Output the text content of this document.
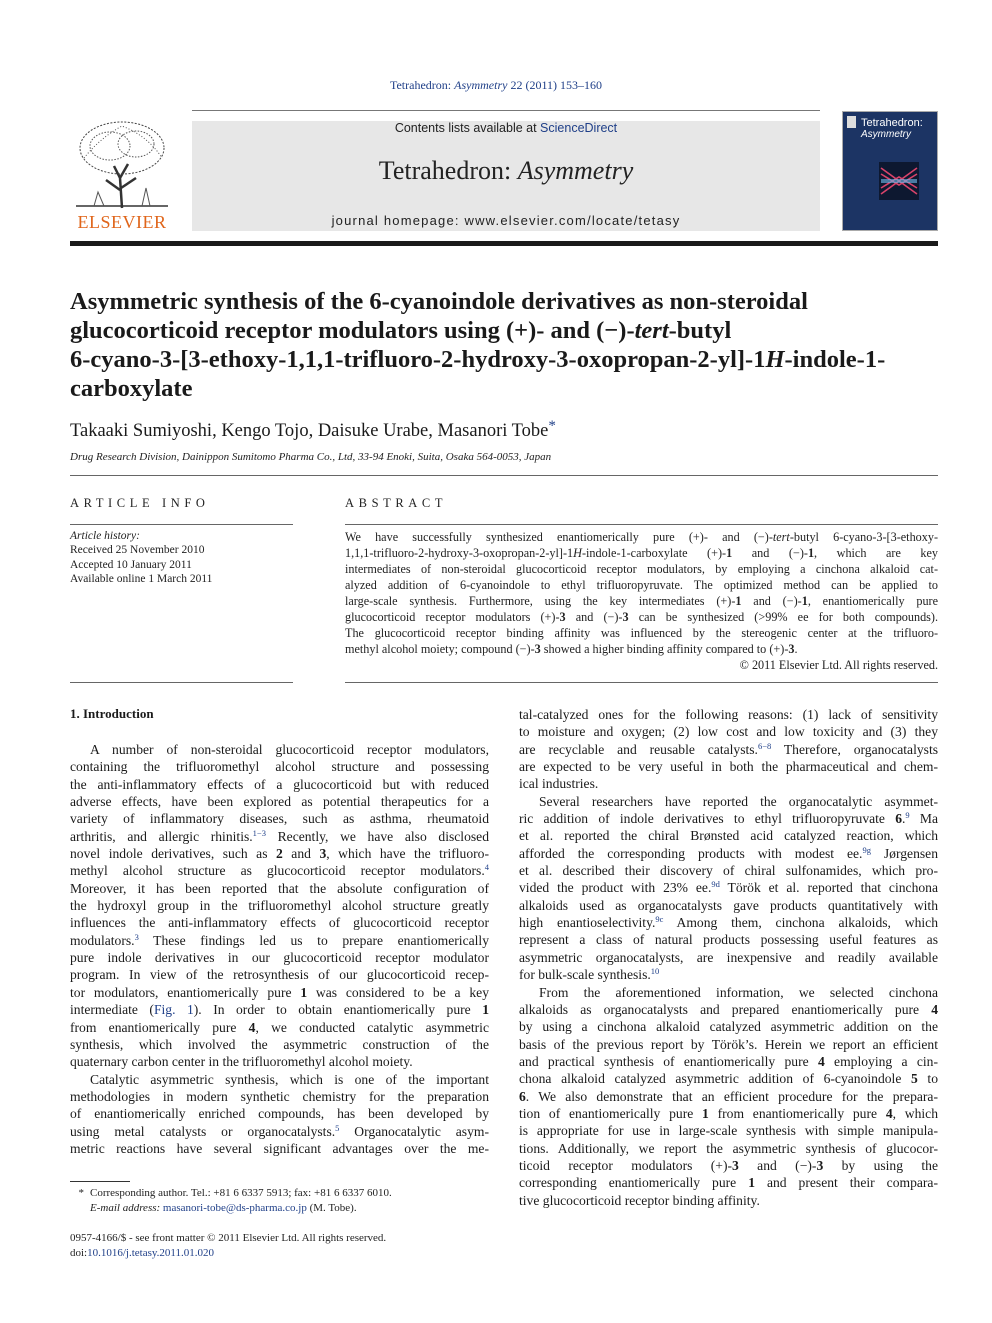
Tetrahedron: Asymmetry 22 (2011) 153–160
ELSEVIER
Contents lists available at ScienceDirect
Tetrahedron: Asymmetry
journal homepage: www.elsevier.com/locate/tetasy
Tetrahedron:
Asymmetry
Asymmetric synthesis of the 6-cyanoindole derivatives as non-steroidal
glucocorticoid receptor modulators using (+)- and (−)-tert-butyl
6-cyano-3-[3-ethoxy-1,1,1-trifluoro-2-hydroxy-3-oxopropan-2-yl]-1H-indole-1-
carboxylate
Takaaki Sumiyoshi, Kengo Tojo, Daisuke Urabe, Masanori Tobe*
Drug Research Division, Dainippon Sumitomo Pharma Co., Ltd, 33-94 Enoki, Suita, Osaka 564-0053, Japan
ARTICLE INFO	ABSTRACT
Article history:
Received 25 November 2010
Accepted 10 January 2011
Available online 1 March 2011

We have successfully synthesized enantiomerically pure (+)- and (−)-tert-butyl 6-cyano-3-[3-ethoxy-

1,1,1-trifluoro-2-hydroxy-3-oxopropan-2-yl]-1H-indole-1-carboxylate (+)-1 and (−)-1, which are key

intermediates of non-steroidal glucocorticoid receptor modulators, by employing a cinchona alkaloid cat-

alyzed addition of 6-cyanoindole to ethyl trifluoropyruvate. The optimized method can be applied to

large-scale synthesis. Furthermore, using the key intermediates (+)-1 and (−)-1, enantiomerically pure

glucocorticoid receptor modulators (+)-3 and (−)-3 can be synthesized (>99% ee for both compounds).

The glucocorticoid receptor binding affinity was influenced by the stereogenic center at the trifluoro-

methyl alcohol moiety; compound (−)-3 showed a higher binding affinity compared to (+)-3.

© 2011 Elsevier Ltd. All rights reserved.

1. Introduction
A number of non-steroidal glucocorticoid receptor modulators,
containing the trifluoromethyl alcohol structure and possessing
the anti-inflammatory effects of a glucocorticoid but with reduced
adverse effects, have been explored as potential therapeutics for a
variety of inflammatory diseases, such as asthma, rheumatoid
arthritis, and allergic rhinitis.$^{1-3}$ Recently, we have also disclosed
novel indole derivatives, such as 2 and 3, which have the trifluoro-
methyl alcohol structure as glucocorticoid receptor modulators.$^4$
Moreover, it has been reported that the absolute configuration of
the hydroxyl group in the trifluoromethyl alcohol structure greatly
influences the anti-inflammatory effects of glucocorticoid receptor
modulators.$^3$ These findings led us to prepare enantiomerically
pure indole derivatives in our glucocorticoid receptor modulator
program. In view of the retrosynthesis of our glucocorticoid recep-
tor modulators, enantiomerically pure 1 was considered to be a key
intermediate (Fig. 1). In order to obtain enantiomerically pure 1
from enantiomerically pure 4, we conducted catalytic asymmetric
synthesis, which involved the asymmetric construction of the
quaternary carbon center in the trifluoromethyl alcohol moiety.
Catalytic asymmetric synthesis, which is one of the important
methodologies in modern synthetic chemistry for the preparation
of enantiomerically enriched compounds, has been developed by
using metal catalysts or organocatalysts.$^5$ Organocatalytic asym-
metric reactions have several significant advantages over the me-
tal-catalyzed ones for the following reasons: (1) lack of sensitivity
to moisture and oxygen; (2) low cost and low toxicity and (3) they
are recyclable and reusable catalysts.$^{6-8}$ Therefore, organocatalysts
are expected to be very useful in both the pharmaceutical and chem-
ical industries.
Several researchers have reported the organocatalytic asymmet-
ric addition of indole derivatives to ethyl trifluoropyruvate 6.$^9$ Ma
et al. reported the chiral Brønsted acid catalyzed reaction, which
afforded the corresponding products with modest ee.$^{9g}$ Jørgensen
et al. described their discovery of chiral sulfonamides, which pro-
vided the product with 23% ee.$^{9d}$ Török et al. reported that cinchona
alkaloids used as organocatalysts gave products quantitatively with
high enantioselectivity.$^{9c}$ Among them, cinchona alkaloids, which
represent a class of natural products possessing useful features as
asymmetric organocatalysts, are inexpensive and readily available
for bulk-scale synthesis.$^{10}$
From the aforementioned information, we selected cinchona
alkaloids as organocatalysts and prepared enantiomerically pure 4
by using a cinchona alkaloid catalyzed asymmetric addition on the
basis of the previous report by Török’s. Herein we report an efficient
and practical synthesis of enantiomerically pure 4 employing a cin-
chona alkaloid catalyzed asymmetric addition of 6-cyanoindole 5 to
6. We also demonstrate that an efficient procedure for the prepara-
tion of enantiomerically pure 1 from enantiomerically pure 4, which
is appropriate for use in large-scale synthesis with simple manipula-
tions. Additionally, we report the asymmetric synthesis of glucocor-
ticoid receptor modulators (+)-3 and (−)-3 by using the
corresponding enantiomerically pure 1 and present their compara-
tive glucocorticoid receptor binding affinity.
* Corresponding author. Tel.: +81 6 6337 5913; fax: +81 6 6337 6010.
E-mail address: masanori-tobe@ds-pharma.co.jp (M. Tobe).
0957-4166/$ - see front matter © 2011 Elsevier Ltd. All rights reserved.
doi:10.1016/j.tetasy.2011.01.020
